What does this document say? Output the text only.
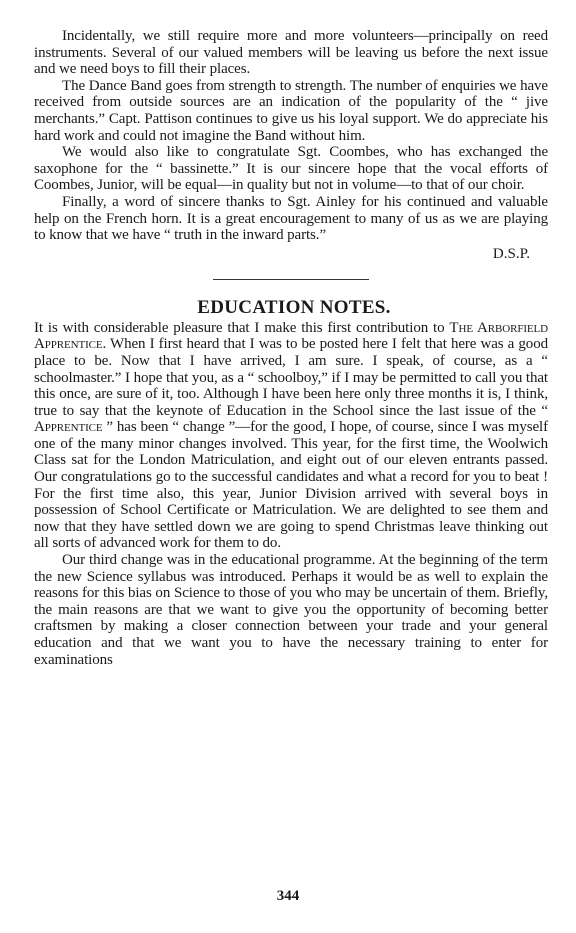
Incidentally, we still require more and more volunteers—principally on reed instruments. Several of our valued members will be leaving us before the next issue and we need boys to fill their places.

The Dance Band goes from strength to strength. The number of enquiries we have received from outside sources are an indication of the popularity of the “ jive merchants.” Capt. Pattison continues to give us his loyal support. We do appreciate his hard work and could not imagine the Band without him.

We would also like to congratulate Sgt. Coombes, who has exchanged the saxophone for the “ bassinette.” It is our sincere hope that the vocal efforts of Coombes, Junior, will be equal—in quality but not in volume—to that of our choir.

Finally, a word of sincere thanks to Sgt. Ainley for his continued and valuable help on the French horn. It is a great encouragement to many of us as we are playing to know that we have “ truth in the inward parts.”

D.S.P.

EDUCATION NOTES.

It is with considerable pleasure that I make this first contribution to The Arborfield Apprentice. When I first heard that I was to be posted here I felt that here was a good place to be. Now that I have arrived, I am sure. I speak, of course, as a “ schoolmaster.” I hope that you, as a “ schoolboy,” if I may be permitted to call you that this once, are sure of it, too. Although I have been here only three months it is, I think, true to say that the keynote of Education in the School since the last issue of the “ Apprentice ” has been “ change ”—for the good, I hope, of course, since I was myself one of the many minor changes involved. This year, for the first time, the Woolwich Class sat for the London Matriculation, and eight out of our eleven entrants passed. Our congratulations go to the successful candidates and what a record for you to beat ! For the first time also, this year, Junior Division arrived with several boys in possession of School Certificate or Matriculation. We are delighted to see them and now that they have settled down we are going to spend Christmas leave thinking out all sorts of advanced work for them to do.

Our third change was in the educational programme. At the beginning of the term the new Science syllabus was introduced. Perhaps it would be as well to explain the reasons for this bias on Science to those of you who may be uncertain of them. Briefly, the main reasons are that we want to give you the opportunity of becoming better craftsmen by making a closer connection between your trade and your general education and that we want you to have the necessary training to enter for examinations

344
